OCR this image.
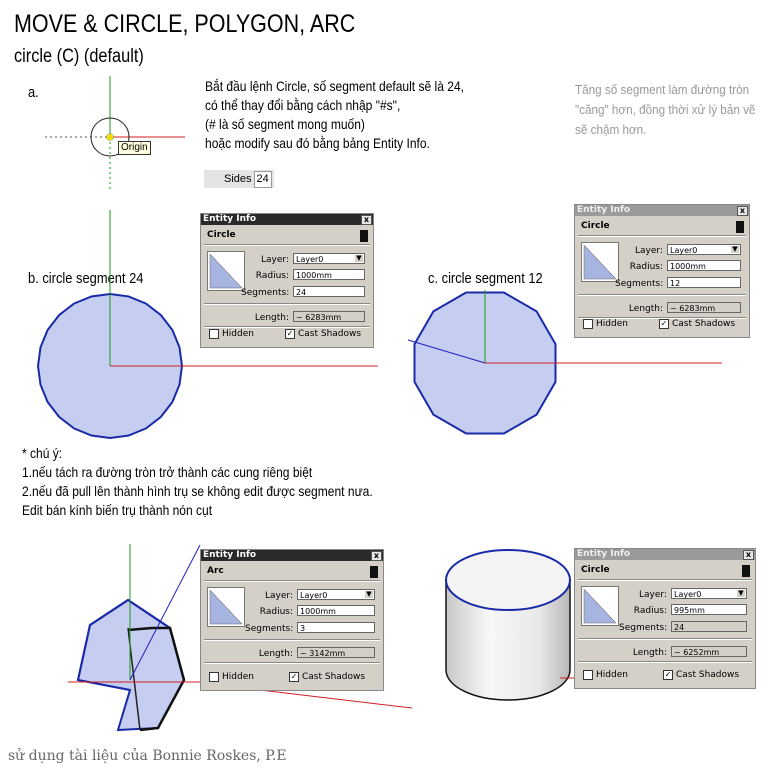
MOVE & CIRCLE, POLYGON, ARC
circle (C) (default)
a.
Origin
Bắt đầu lệnh Circle, số segment default sẽ là 24,
có thể thay đổi bằng cách nhập "#s",
(# là số segment mong muốn)
hoặc modify sau đó bằng bảng Entity Info.
Sides 24
Tăng số segment làm đường tròn
"căng" hơn, đồng thời xử lý bản vẽ
sẽ chậm hơn.
b. circle segment 24	c. circle segment 12
* chú ý:
1.nếu tách ra đường tròn trở thành các cung riêng biệt
2.nếu đã pull lên thành hình trụ se không edit được segment nưa.
Edit bán kính biến trụ thành nón cụt
Entity Info	x
Circle
Layer: Layer0	▼
Radius: 1000mm
Segments: 24
Length: ~ 6283mm
Hidden	✓ Cast Shadows
Entity Info	x
Circle
Layer: Layer0	▼
Radius: 1000mm
Segments: 12
Length: ~ 6283mm
Hidden	✓ Cast Shadows
Entity Info	x
Arc
Layer: Layer0	▼
Radius: 1000mm
Segments: 3
Length: ~ 3142mm
Hidden	✓ Cast Shadows
Entity Info	x
Circle
Layer: Layer0	▼
Radius: 995mm
Segments: 24
Length: ~ 6252mm
Hidden	✓ Cast Shadows
sử dụng tài liệu của Bonnie Roskes, P.E
